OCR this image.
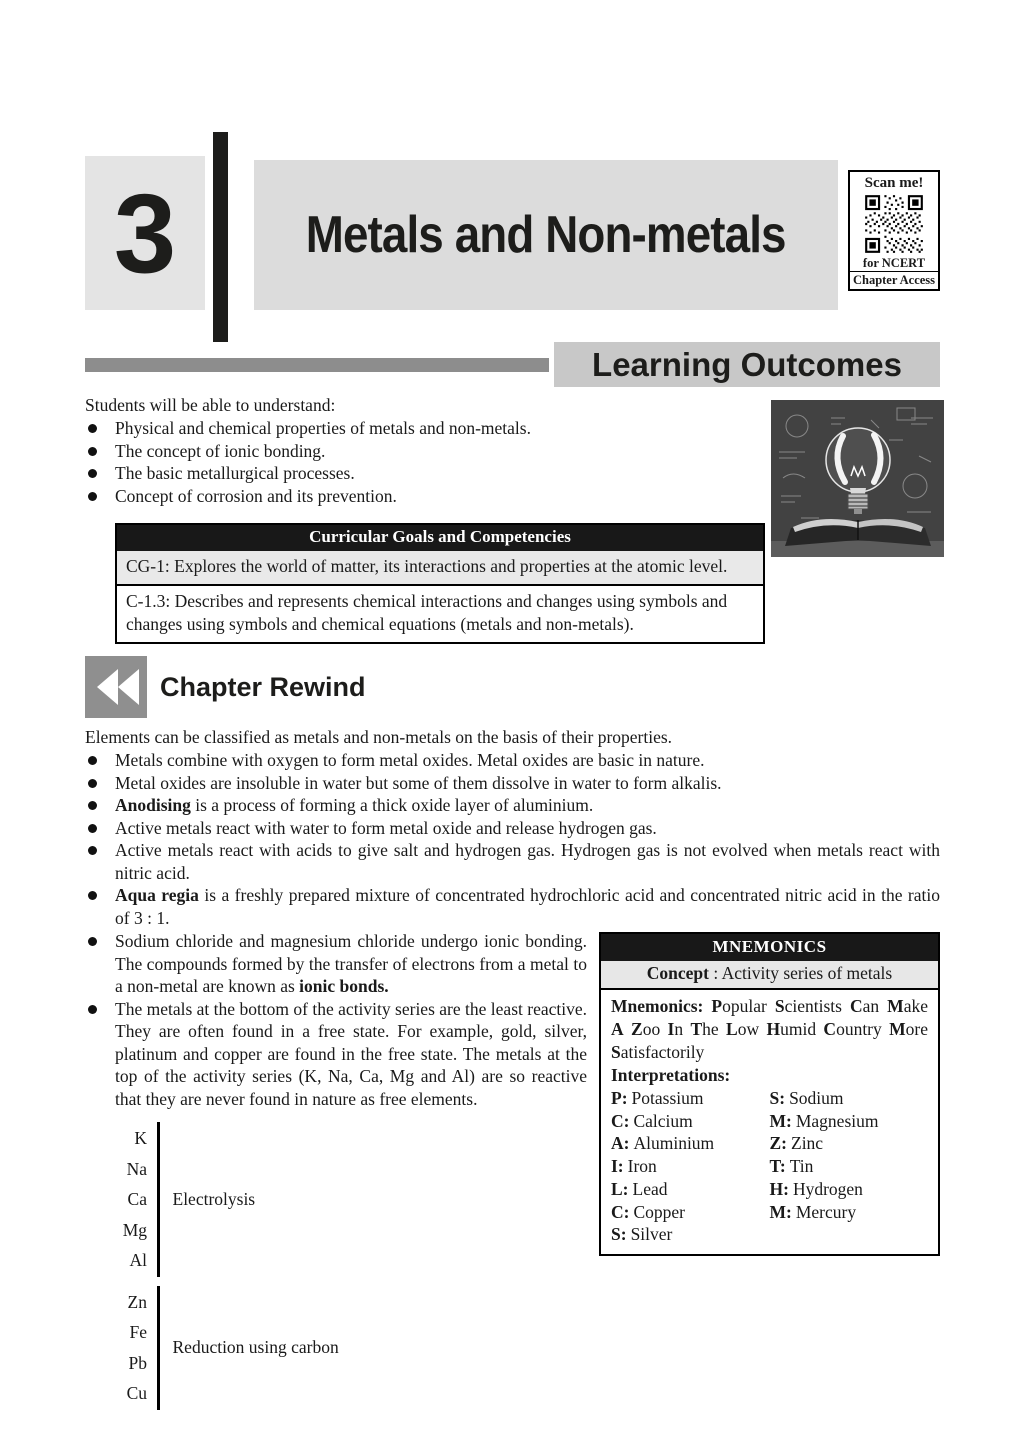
3	Metals and Non-metals
Scan me!
for NCERT
Chapter Access
Learning Outcomes
Students will be able to understand:
Physical and chemical properties of metals and non-metals.
The concept of ionic bonding.
The basic metallurgical processes.
Concept of corrosion and its prevention.
Curricular Goals and Competencies
CG-1: Explores the world of matter, its interactions and properties at the atomic level.
C-1.3: Describes and represents chemical interactions and changes using symbols and changes using symbols and chemical equations (metals and non-metals).
Chapter Rewind
Elements can be classified as metals and non-metals on the basis of their properties.
Metals combine with oxygen to form metal oxides. Metal oxides are basic in nature.
Metal oxides are insoluble in water but some of them dissolve in water to form alkalis.
Anodising is a process of forming a thick oxide layer of aluminium.
Active metals react with water to form metal oxide and release hydrogen gas.
Active metals react with acids to give salt and hydrogen gas. Hydrogen gas is not evolved when metals react with nitric acid.
Aqua regia is a freshly prepared mixture of concentrated hydrochloric acid and concentrated nitric acid in the ratio of 3 : 1.
Sodium chloride and magnesium chloride undergo ionic bonding. The compounds formed by the transfer of electrons from a metal to a non-metal are known as ionic bonds.
The metals at the bottom of the activity series are the least reactive. They are often found in a free state. For example, gold, silver, platinum and copper are found in the free state. The metals at the top of the activity series (K, Na, Ca, Mg and Al) are so reactive that they are never found in nature as free elements.
K
Na
Ca
Mg
Al
Electrolysis
Zn
Fe
Pb
Cu
Reduction using carbon
MNEMONICS
Concept : Activity series of metals
Mnemonics: Popular Scientists Can Make A Zoo In The Low Humid Country More Satisfactorily
Interpretations:
P: Potassium
C: Calcium
A: Aluminium
I: Iron
L: Lead
C: Copper
S: Silver
S: Sodium
M: Magnesium
Z: Zinc
T: Tin
H: Hydrogen
M: Mercury
